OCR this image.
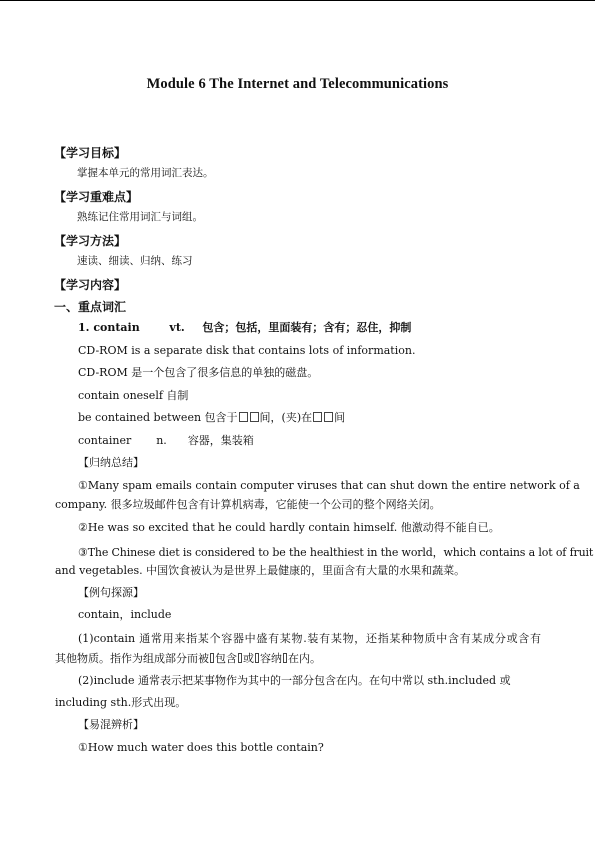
Module 6 The Internet and Telecommunications
【学习目标】
掌握本单元的常用词汇表达。
【学习重难点】
熟练记住常用词汇与词组。
【学习方法】
速读、细读、归纳、练习
【学习内容】
一、重点词汇
1. contain	vt. 包含；包括，里面装有；含有；忍住，抑制
CD-ROM is a separate disk that contains lots of information.
CD-ROM 是一个包含了很多信息的单独的磁盘。
contain oneself 自制
be contained between 包含于 间，(夹)在 间
container n. 容器，集装箱
【归纳总结】
①Many spam emails contain computer viruses that can shut down the entire network of a
company. 很多垃圾邮件包含有计算机病毒，它能使一个公司的整个网络关闭。
②He was so excited that he could hardly contain himself. 他激动得不能自已。
③The Chinese diet is considered to be the healthiest in the world，which contains a lot of fruit
and vegetables. 中国饮食被认为是世界上最健康的，里面含有大量的水果和蔬菜。
【例句探源】
contain，include
(1)contain 通常用来指某个容器中盛有某物.装有某物，还指某种物质中含有某成分或含有
其他物质。指作为组成部分而被 包含 或 容纳 在内。
(2)include 通常表示把某事物作为其中的一部分包含在内。在句中常以 sth.included 或
including sth.形式出现。
【易混辨析】
①How much water does this bottle contain?
